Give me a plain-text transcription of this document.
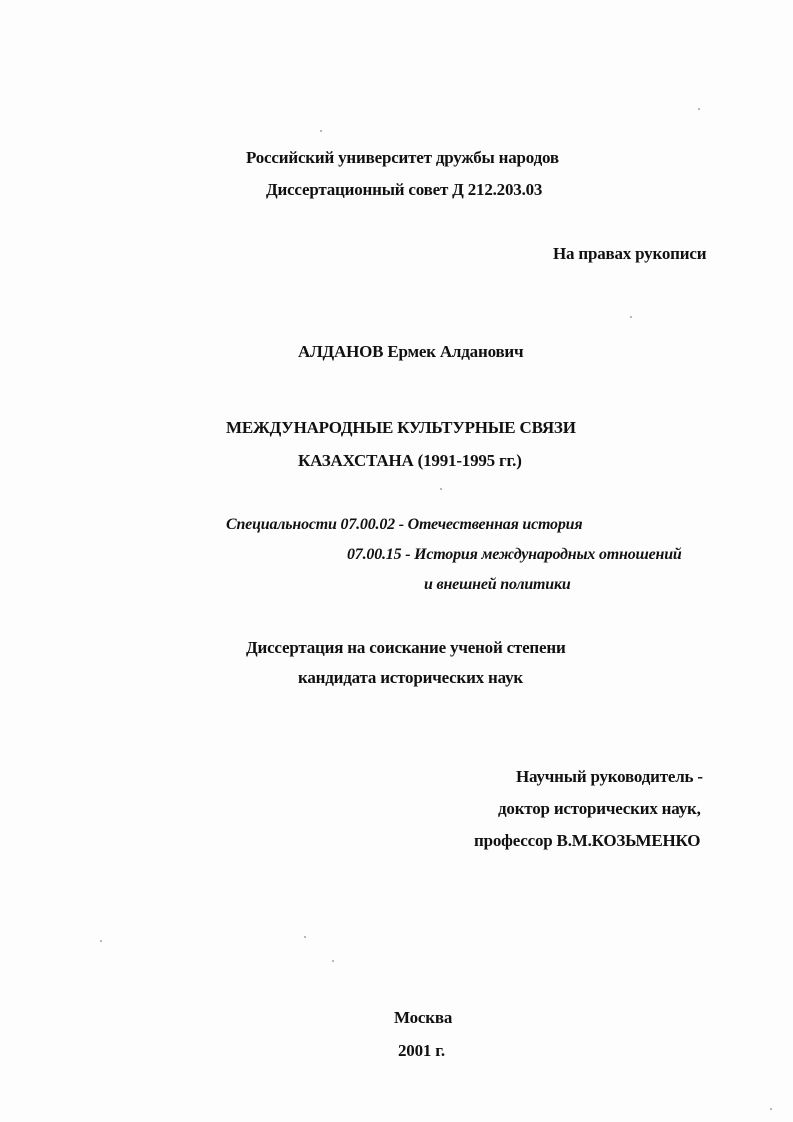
Российский университет дружбы народов
Диссертационный совет Д 212.203.03
На правах рукописи
АЛДАНОВ Ермек Алданович
МЕЖДУНАРОДНЫЕ КУЛЬТУРНЫЕ СВЯЗИ
КАЗАХСТАНА (1991-1995 гг.)
Специальности 07.00.02 - Отечественная история
07.00.15 - История международных отношений
и внешней политики
Диссертация на соискание ученой степени
кандидата исторических наук
Научный руководитель -
доктор исторических наук,
профессор В.М.КОЗЬМЕНКО
Москва
2001 г.
